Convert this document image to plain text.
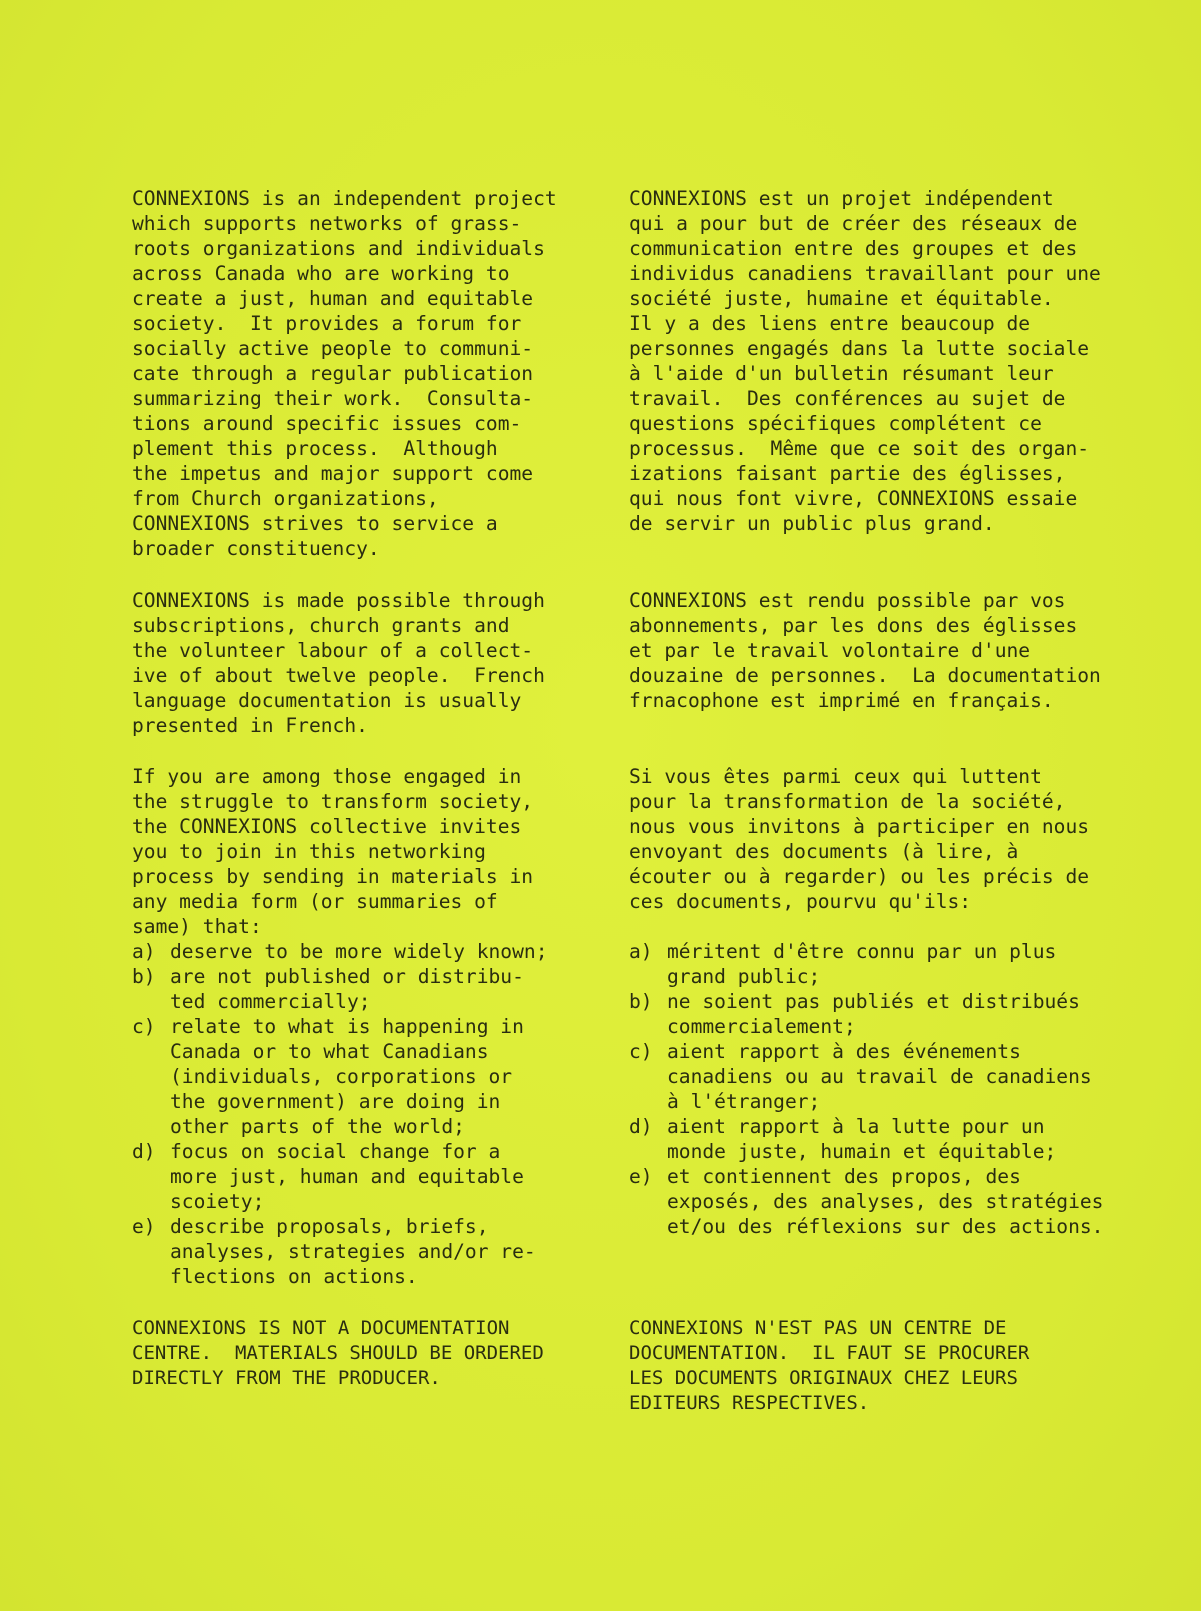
CONNEXIONS is an independent project
which supports networks of grass-
roots organizations and individuals
across Canada who are working to
create a just, human and equitable
society.  It provides a forum for
socially active people to communi-
cate through a regular publication
summarizing their work.  Consulta-
tions around specific issues com-
plement this process.  Although
the impetus and major support come
from Church organizations,
CONNEXIONS strives to service a
broader constituency.
CONNEXIONS is made possible through
subscriptions, church grants and
the volunteer labour of a collect-
ive of about twelve people.  French
language documentation is usually
presented in French.
If you are among those engaged in
the struggle to transform society,
the CONNEXIONS collective invites
you to join in this networking
process by sending in materials in
any media form (or summaries of
same) that:
a) deserve to be more widely known;
b) are not published or distribu-
ted commercially;
c) relate to what is happening in
Canada or to what Canadians
(individuals, corporations or
the government) are doing in
other parts of the world;
d) focus on social change for a
more just, human and equitable
scoiety;
e) describe proposals, briefs,
analyses, strategies and/or re-
flections on actions.
CONNEXIONS IS NOT A DOCUMENTATION
CENTRE.  MATERIALS SHOULD BE ORDERED
DIRECTLY FROM THE PRODUCER.
CONNEXIONS est un projet indépendent
qui a pour but de créer des réseaux de
communication entre des groupes et des
individus canadiens travaillant pour une
société juste, humaine et équitable.
Il y a des liens entre beaucoup de
personnes engagés dans la lutte sociale
à l'aide d'un bulletin résumant leur
travail.  Des conférences au sujet de
questions spécifiques complétent ce
processus.  Même que ce soit des organ-
izations faisant partie des églisses,
qui nous font vivre, CONNEXIONS essaie
de servir un public plus grand.
CONNEXIONS est rendu possible par vos
abonnements, par les dons des églisses
et par le travail volontaire d'une
douzaine de personnes.  La documentation
frnacophone est imprimé en français.
Si vous êtes parmi ceux qui luttent
pour la transformation de la société,
nous vous invitons à participer en nous
envoyant des documents (à lire, à
écouter ou à regarder) ou les précis de
ces documents, pourvu qu'ils:
a) méritent d'être connu par un plus
grand public;
b) ne soient pas publiés et distribués
commercialement;
c) aient rapport à des événements
canadiens ou au travail de canadiens
à l'étranger;
d) aient rapport à la lutte pour un
monde juste, humain et équitable;
e) et contiennent des propos, des
exposés, des analyses, des stratégies
et/ou des réflexions sur des actions.
CONNEXIONS N'EST PAS UN CENTRE DE
DOCUMENTATION.  IL FAUT SE PROCURER
LES DOCUMENTS ORIGINAUX CHEZ LEURS
EDITEURS RESPECTIVES.
